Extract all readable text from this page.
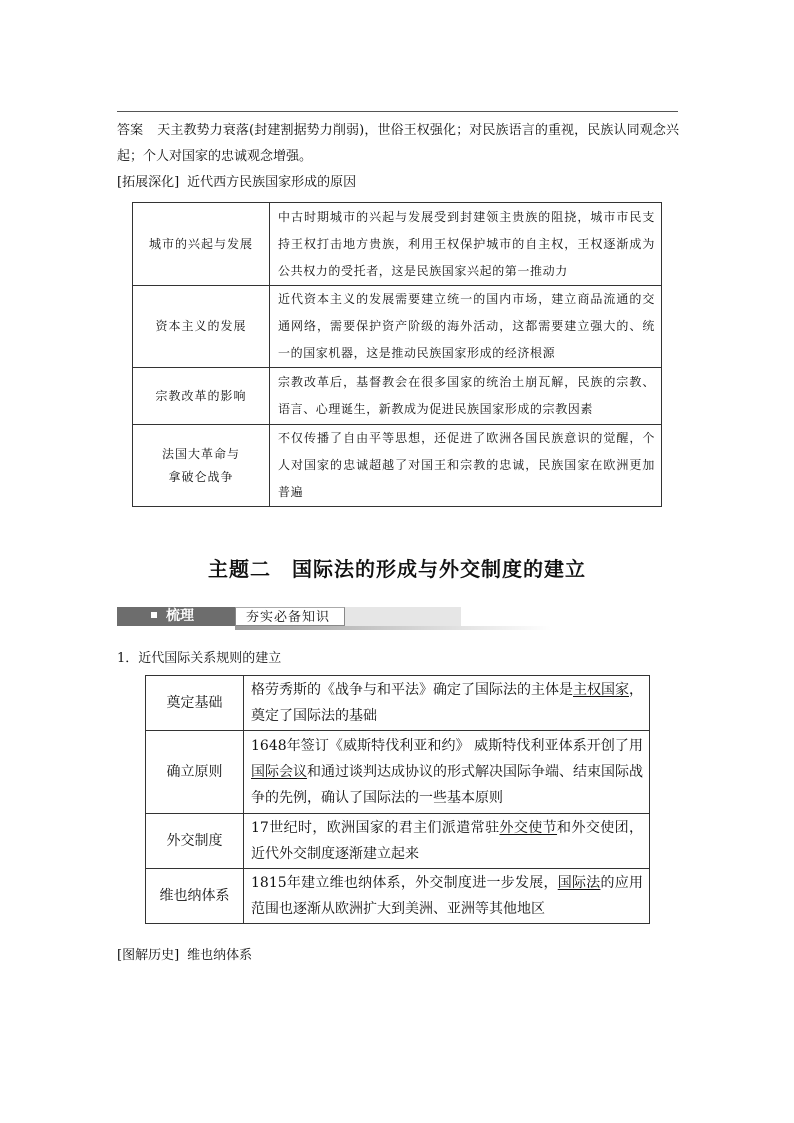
答案 天主教势力衰落(封建割据势力削弱)，世俗王权强化；对民族语言的重视，民族认同观念兴起；个人对国家的忠诚观念增强。
[拓展深化] 近代西方民族国家形成的原因
城市的兴起与发展	中古时期城市的兴起与发展受到封建领主贵族的阻挠，城市市民支持王权打击地方贵族，利用王权保护城市的自主权，王权逐渐成为公共权力的受托者，这是民族国家兴起的第一推动力
资本主义的发展	近代资本主义的发展需要建立统一的国内市场，建立商品流通的交通网络，需要保护资产阶级的海外活动，这都需要建立强大的、统一的国家机器，这是推动民族国家形成的经济根源
宗教改革的影响	宗教改革后，基督教会在很多国家的统治土崩瓦解，民族的宗教、语言、心理诞生，新教成为促进民族国家形成的宗教因素

法国大革命与
拿破仑战争	不仅传播了自由平等思想，还促进了欧洲各国民族意识的觉醒，个人对国家的忠诚超越了对国王和宗教的忠诚，民族国家在欧洲更加普遍
主题二　国际法的形成与外交制度的建立
梳理	夯实必备知识
1．近代国际关系规则的建立
奠定基础	格劳秀斯的《战争与和平法》确定了国际法的主体是主权国家，奠定了国际法的基础
确立原则	1648年签订《威斯特伐利亚和约》 威斯特伐利亚体系开创了用国际会议和通过谈判达成协议的形式解决国际争端、结束国际战争的先例，确认了国际法的一些基本原则
外交制度	17世纪时，欧洲国家的君主们派遣常驻外交使节和外交使团，近代外交制度逐渐建立起来
维也纳体系	1815年建立维也纳体系，外交制度进一步发展，国际法的应用范围也逐渐从欧洲扩大到美洲、亚洲等其他地区
[图解历史] 维也纳体系
